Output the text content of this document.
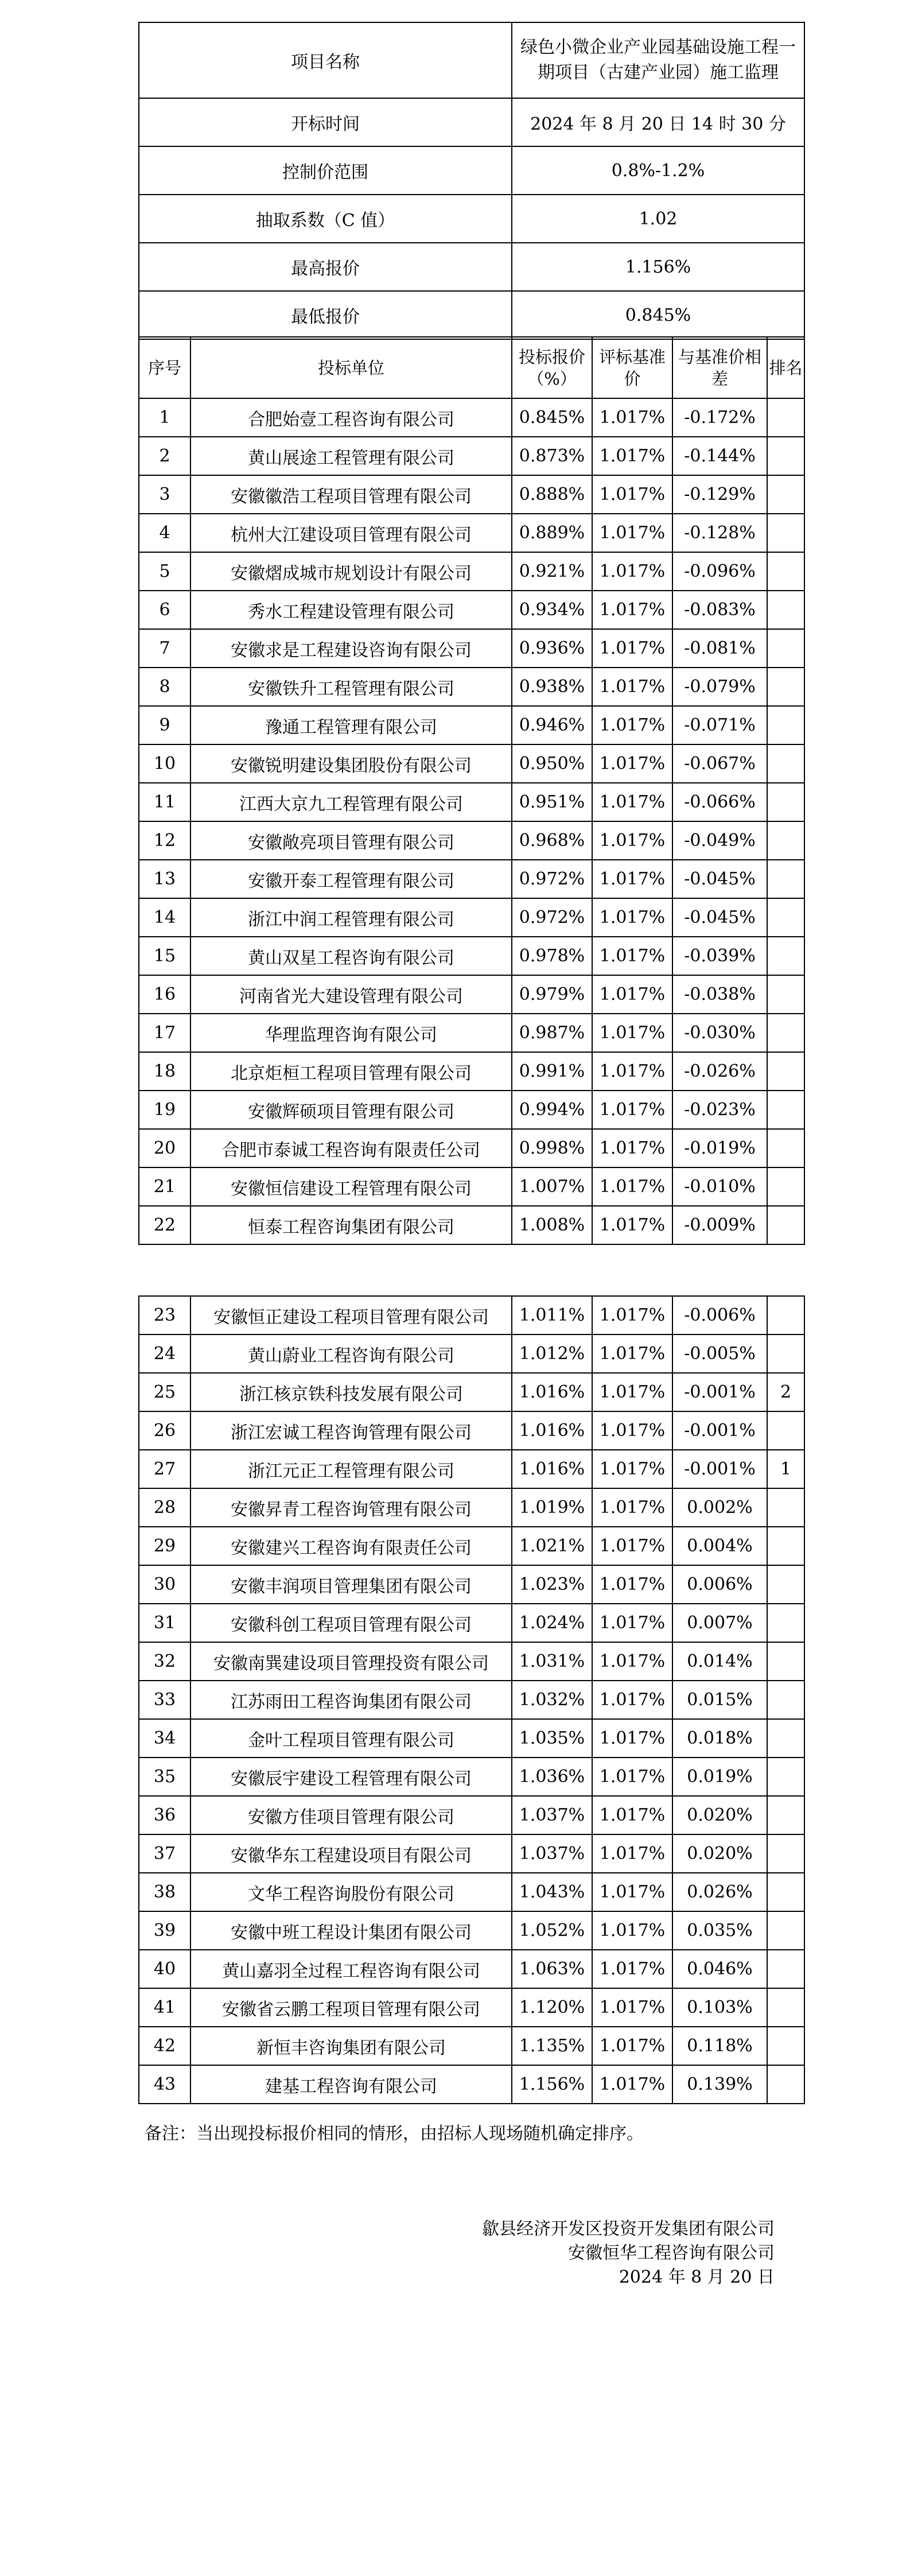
项目名称	绿色小微企业产业园基础设施工程一期项目（古建产业园）施工监理
开标时间	2024 年 8 月 20 日 14 时 30 分
控制价范围	0.8%-1.2%
抽取系数（C 值）	1.02
最高报价	1.156%
最低报价	0.845%
序号	投标单位	投标报价（%）	评标基准价	与基准价相差	排名
1	合肥始壹工程咨询有限公司	0.845%	1.017%	-0.172%	
2	黄山展途工程管理有限公司	0.873%	1.017%	-0.144%	
3	安徽徽浩工程项目管理有限公司	0.888%	1.017%	-0.129%	
4	杭州大江建设项目管理有限公司	0.889%	1.017%	-0.128%	
5	安徽熠成城市规划设计有限公司	0.921%	1.017%	-0.096%	
6	秀水工程建设管理有限公司	0.934%	1.017%	-0.083%	
7	安徽求是工程建设咨询有限公司	0.936%	1.017%	-0.081%	
8	安徽铁升工程管理有限公司	0.938%	1.017%	-0.079%	
9	豫通工程管理有限公司	0.946%	1.017%	-0.071%	
10	安徽锐明建设集团股份有限公司	0.950%	1.017%	-0.067%	
11	江西大京九工程管理有限公司	0.951%	1.017%	-0.066%	
12	安徽敞亮项目管理有限公司	0.968%	1.017%	-0.049%	
13	安徽开泰工程管理有限公司	0.972%	1.017%	-0.045%	
14	浙江中润工程管理有限公司	0.972%	1.017%	-0.045%	
15	黄山双星工程咨询有限公司	0.978%	1.017%	-0.039%	
16	河南省光大建设管理有限公司	0.979%	1.017%	-0.038%	
17	华理监理咨询有限公司	0.987%	1.017%	-0.030%	
18	北京炬桓工程项目管理有限公司	0.991%	1.017%	-0.026%	
19	安徽辉硕项目管理有限公司	0.994%	1.017%	-0.023%	
20	合肥市泰诚工程咨询有限责任公司	0.998%	1.017%	-0.019%	
21	安徽恒信建设工程管理有限公司	1.007%	1.017%	-0.010%	
22	恒泰工程咨询集团有限公司	1.008%	1.017%	-0.009%	
23	安徽恒正建设工程项目管理有限公司	1.011%	1.017%	-0.006%	
24	黄山蔚业工程咨询有限公司	1.012%	1.017%	-0.005%	
25	浙江核京铁科技发展有限公司	1.016%	1.017%	-0.001%	2
26	浙江宏诚工程咨询管理有限公司	1.016%	1.017%	-0.001%	
27	浙江元正工程管理有限公司	1.016%	1.017%	-0.001%	1
28	安徽昇青工程咨询管理有限公司	1.019%	1.017%	0.002%	
29	安徽建兴工程咨询有限责任公司	1.021%	1.017%	0.004%	
30	安徽丰润项目管理集团有限公司	1.023%	1.017%	0.006%	
31	安徽科创工程项目管理有限公司	1.024%	1.017%	0.007%	
32	安徽南巽建设项目管理投资有限公司	1.031%	1.017%	0.014%	
33	江苏雨田工程咨询集团有限公司	1.032%	1.017%	0.015%	
34	金叶工程项目管理有限公司	1.035%	1.017%	0.018%	
35	安徽辰宇建设工程管理有限公司	1.036%	1.017%	0.019%	
36	安徽方佳项目管理有限公司	1.037%	1.017%	0.020%	
37	安徽华东工程建设项目有限公司	1.037%	1.017%	0.020%	
38	文华工程咨询股份有限公司	1.043%	1.017%	0.026%	
39	安徽中班工程设计集团有限公司	1.052%	1.017%	0.035%	
40	黄山嘉羽全过程工程咨询有限公司	1.063%	1.017%	0.046%	
41	安徽省云鹏工程项目管理有限公司	1.120%	1.017%	0.103%	
42	新恒丰咨询集团有限公司	1.135%	1.017%	0.118%	
43	建基工程咨询有限公司	1.156%	1.017%	0.139%	
备注：当出现投标报价相同的情形，由招标人现场随机确定排序。
歙县经济开发区投资开发集团有限公司
安徽恒华工程咨询有限公司
2024 年 8 月 20 日
